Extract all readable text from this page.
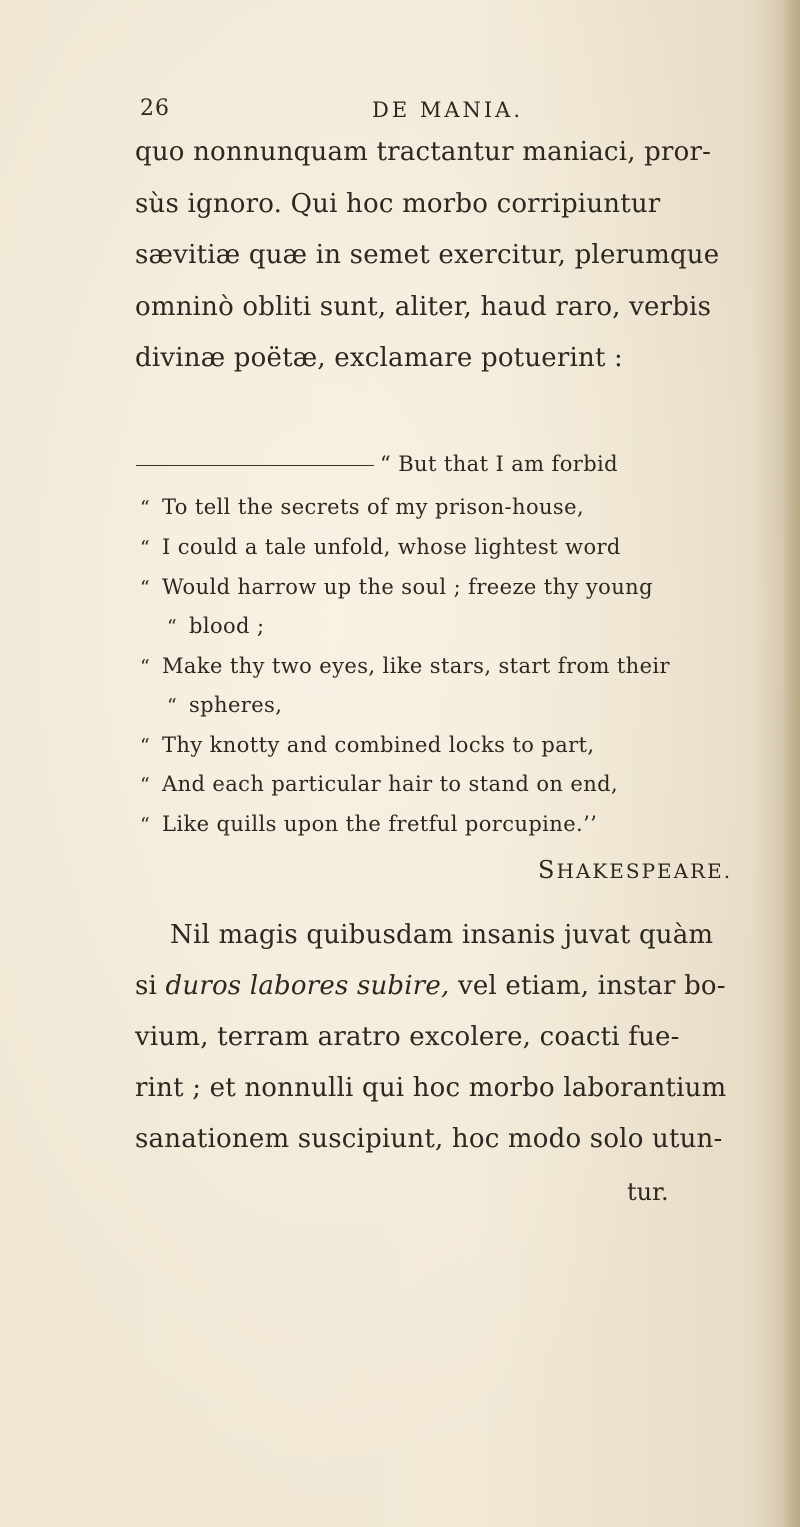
26	DE MANIA.
quo nonnunquam tractantur maniaci, pror-
sùs ignoro. Qui hoc morbo corripiuntur
sævitiæ quæ in semet exercitur, plerumque
omninò obliti sunt, aliter, haud raro, verbis
divinæ poëtæ, exclamare potuerint :
“ But that I am forbid
“ To tell the secrets of my prison-house,
“ I could a tale unfold, whose lightest word
“ Would harrow up the soul ; freeze thy young
“ blood ;
“ Make thy two eyes, like stars, start from their
“ spheres,
“ Thy knotty and combined locks to part,
“ And each particular hair to stand on end,
“ Like quills upon the fretful porcupine.’’
SHAKESPEARE.
Nil magis quibusdam insanis juvat quàm
si duros labores subire, vel etiam, instar bo-
vium, terram aratro excolere, coacti fue-
rint ; et nonnulli qui hoc morbo laborantium
sanationem suscipiunt, hoc modo solo utun-
tur.
